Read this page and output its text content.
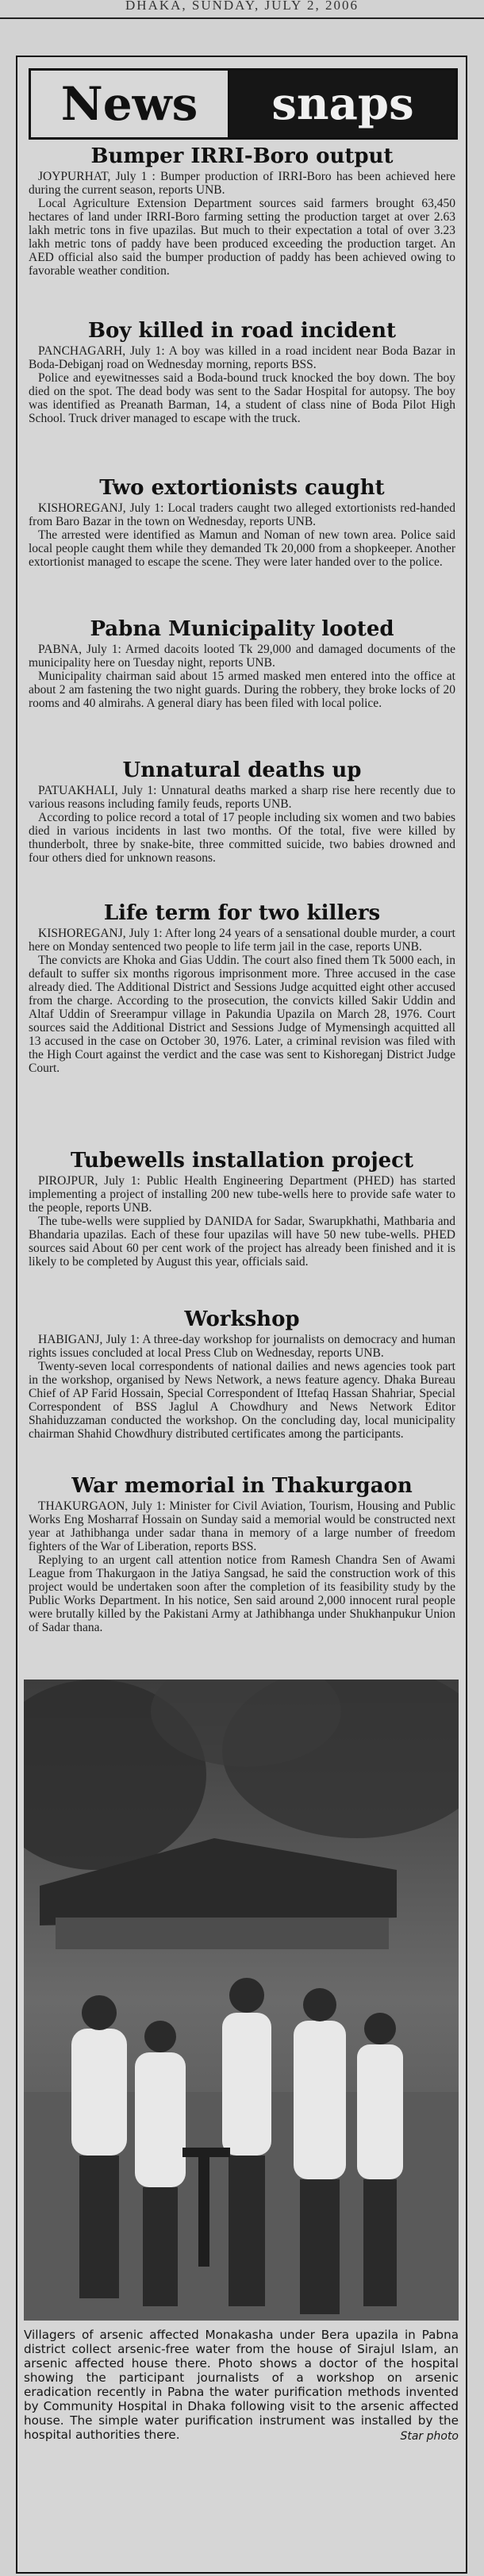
DHAKA, SUNDAY, JULY 2, 2006
News	snaps
Bumper IRRI-Boro output

JOYPURHAT, July 1 : Bumper production of IRRI-Boro has been achieved here during the current season, reports UNB.

Local Agriculture Extension Department sources said farmers brought 63,450 hectares of land under IRRI-Boro farming setting the production target at over 2.63 lakh metric tons in five upazilas. But much to their expectation a total of over 3.23 lakh metric tons of paddy have been produced exceeding the production target. An AED official also said the bumper production of paddy has been achieved owing to favorable weather condition.

Boy killed in road incident

PANCHAGARH, July 1: A boy was killed in a road incident near Boda Bazar in Boda-Debiganj road on Wednesday morning, reports BSS.

Police and eyewitnesses said a Boda-bound truck knocked the boy down. The boy died on the spot. The dead body was sent to the Sadar Hospital for autopsy. The boy was identified as Preanath Barman, 14, a student of class nine of Boda Pilot High School. Truck driver managed to escape with the truck.

Two extortionists caught

KISHOREGANJ, July 1: Local traders caught two alleged extortionists red-handed from Baro Bazar in the town on Wednesday, reports UNB.

The arrested were identified as Mamun and Noman of new town area. Police said local people caught them while they demanded Tk 20,000 from a shopkeeper. Another extortionist managed to escape the scene. They were later handed over to the police.

Pabna Municipality looted

PABNA, July 1: Armed dacoits looted Tk 29,000 and damaged documents of the municipality here on Tuesday night, reports UNB.

Municipality chairman said about 15 armed masked men entered into the office at about 2 am fastening the two night guards. During the robbery, they broke locks of 20 rooms and 40 almirahs. A general diary has been filed with local police.

Unnatural deaths up

PATUAKHALI, July 1: Unnatural deaths marked a sharp rise here recently due to various reasons including family feuds, reports UNB.

According to police record a total of 17 people including six women and two babies died in various incidents in last two months. Of the total, five were killed by thunderbolt, three by snake-bite, three committed suicide, two babies drowned and four others died for unknown reasons.

Life term for two killers

KISHOREGANJ, July 1: After long 24 years of a sensational double murder, a court here on Monday sentenced two people to life term jail in the case, reports UNB.

The convicts are Khoka and Gias Uddin. The court also fined them Tk 5000 each, in default to suffer six months rigorous imprisonment more. Three accused in the case already died. The Additional District and Sessions Judge acquitted eight other accused from the charge. According to the prosecution, the convicts killed Sakir Uddin and Altaf Uddin of Sreerampur village in Pakundia Upazila on March 28, 1976. Court sources said the Additional District and Sessions Judge of Mymensingh acquitted all 13 accused in the case on October 30, 1976. Later, a criminal revision was filed with the High Court against the verdict and the case was sent to Kishoreganj District Judge Court.

Tubewells installation project

PIROJPUR, July 1: Public Health Engineering Department (PHED) has started implementing a project of installing 200 new tube-wells here to provide safe water to the people, reports UNB.

The tube-wells were supplied by DANIDA for Sadar, Swarupkhathi, Mathbaria and Bhandaria upazilas. Each of these four upazilas will have 50 new tube-wells. PHED sources said About 60 per cent work of the project has already been finished and it is likely to be completed by August this year, officials said.

Workshop

HABIGANJ, July 1: A three-day workshop for journalists on democracy and human rights issues concluded at local Press Club on Wednesday, reports UNB.

Twenty-seven local correspondents of national dailies and news agencies took part in the workshop, organised by News Network, a news feature agency. Dhaka Bureau Chief of AP Farid Hossain, Special Correspondent of Ittefaq Hassan Shahriar, Special Correspondent of BSS Jaglul A Chowdhury and News Network Editor Shahiduzzaman conducted the workshop. On the concluding day, local municipality chairman Shahid Chowdhury distributed certificates among the participants.

War memorial in Thakurgaon

THAKURGAON, July 1: Minister for Civil Aviation, Tourism, Housing and Public Works Eng Mosharraf Hossain on Sunday said a memorial would be constructed next year at Jathibhanga under sadar thana in memory of a large number of freedom fighters of the War of Liberation, reports BSS.

Replying to an urgent call attention notice from Ramesh Chandra Sen of Awami League from Thakurgaon in the Jatiya Sangsad, he said the construction work of this project would be undertaken soon after the completion of its feasibility study by the Public Works Department. In his notice, Sen said around 2,000 innocent rural people were brutally killed by the Pakistani Army at Jathibhanga under Shukhanpukur Union of Sadar thana.

Villagers of arsenic affected Monakasha under Bera upazila in Pabna district collect arsenic-free water from the house of Sirajul Islam, an arsenic affected house there. Photo shows a doctor of the hospital showing the participant journalists of a workshop on arsenic eradication recently in Pabna the water purification methods invented by Community Hospital in Dhaka following visit to the arsenic affected house. The simple water purification instrument was installed by the hospital authorities there.	Star photo
